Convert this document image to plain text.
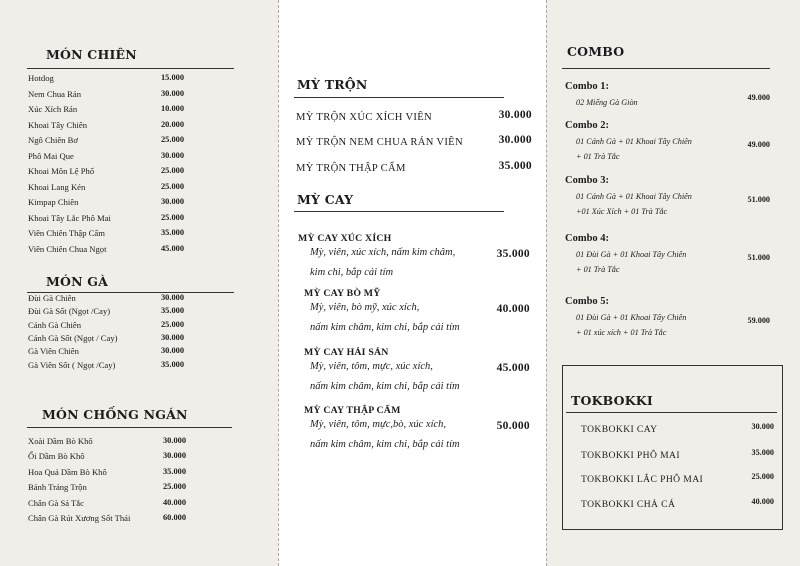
MÓN CHIÊN
Hotdog	15.000
Nem Chua Rán	30.000
Xúc Xích Rán	10.000
Khoai Tây Chiên	20.000
Ngô Chiên Bơ	25.000
Phô Mai Que	30.000
Khoai Môn Lệ Phố	25.000
Khoai Lang Kén	25.000
Kimpap Chiên	30.000
Khoai Tây Lắc Phô Mai	25.000
Viên Chiên Thập Cẩm	35.000
Viên Chiên Chua Ngọt	45.000
MÓN GÀ
Đùi Gà Chiên	30.000
Đùi Gà Sốt (Ngọt /Cay)	35.000
Cánh Gà Chiên	25.000
Cánh Gà Sốt (Ngọt / Cay)	30.000
Gà Viên Chiên	30.000
Gà Viên Sốt ( Ngọt /Cay)	35.000
MÓN CHỐNG NGÁN
Xoài Dầm Bò Khô	30.000
Ổi Dầm Bò Khô	30.000
Hoa Quả Dầm Bò Khô	35.000
Bánh Tráng Trộn	25.000
Chân Gà Sả Tắc	40.000
Chân Gà Rút Xương Sốt Thái	60.000
MỲ TRỘN
MỲ TRỘN XÚC XÍCH VIÊN	30.000
MỲ TRỘN NEM CHUA RÁN VIÊN	30.000
MỲ TRỘN THẬP CẨM	35.000
MỲ CAY
MỲ CAY XÚC XÍCH
Mỳ, viên, xúc xích, nấm kim châm,
kim chi, bắp cải tím
35.000
MỲ CAY BÒ MỸ
Mỳ, viên, bò mỹ, xúc xích,
nấm kim châm, kim chi, bắp cải tím
40.000
MỲ CAY HẢI SẢN
Mỳ, viên, tôm, mực, xúc xích,
nấm kim châm, kim chi, bắp cải tím
45.000
MỲ CAY THẬP CẨM
Mỳ, viên, tôm, mực,bò, xúc xích,
nấm kim châm, kim chi, bắp cải tím
50.000
COMBO
Combo 1:
02 Miếng Gà Giòn
49.000
Combo 2:
01 Cánh Gà + 01 Khoai Tây Chiên
+ 01 Trà Tắc
49.000
Combo 3:
01 Cánh Gà + 01 Khoai Tây Chiên
+01 Xúc Xích + 01 Trà Tắc
51.000
Combo 4:
01 Đùi Gà + 01 Khoai Tây Chiên
+ 01 Trà Tắc
51.000
Combo 5:
01 Đùi Gà + 01 Khoai Tây Chiên
+ 01 xúc xích + 01 Trà Tắc
59.000
TOKBOKKI
TOKBOKKI CAY	30.000
TOKBOKKI PHÔ MAI	35.000
TOKBOKKI LẮC PHÔ MAI	25.000
TOKBOKKI CHẢ CÁ	40.000
